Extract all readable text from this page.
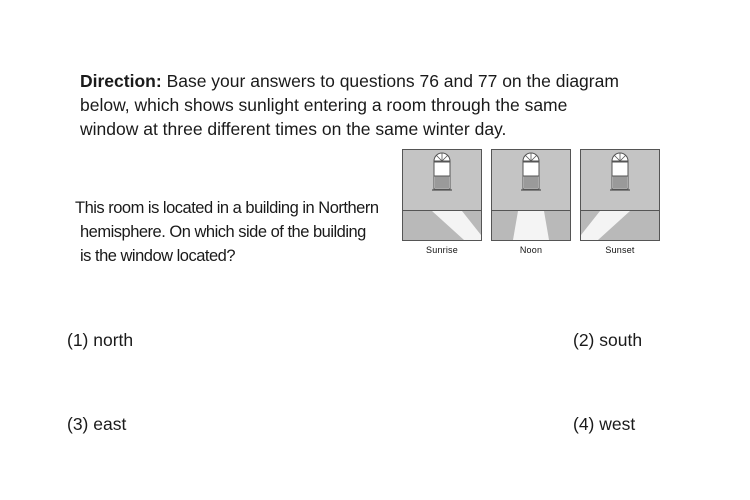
Direction: Base your answers to questions 76 and 77 on the diagram
below, which shows sunlight entering a room through the same
window at three different times on the same winter day.
This room is located in a building in Northern
hemisphere. On which side of the building
is the window located?	Sunrise	Noon	Sunset
(1) north	(2) south
(3) east	(4) west
